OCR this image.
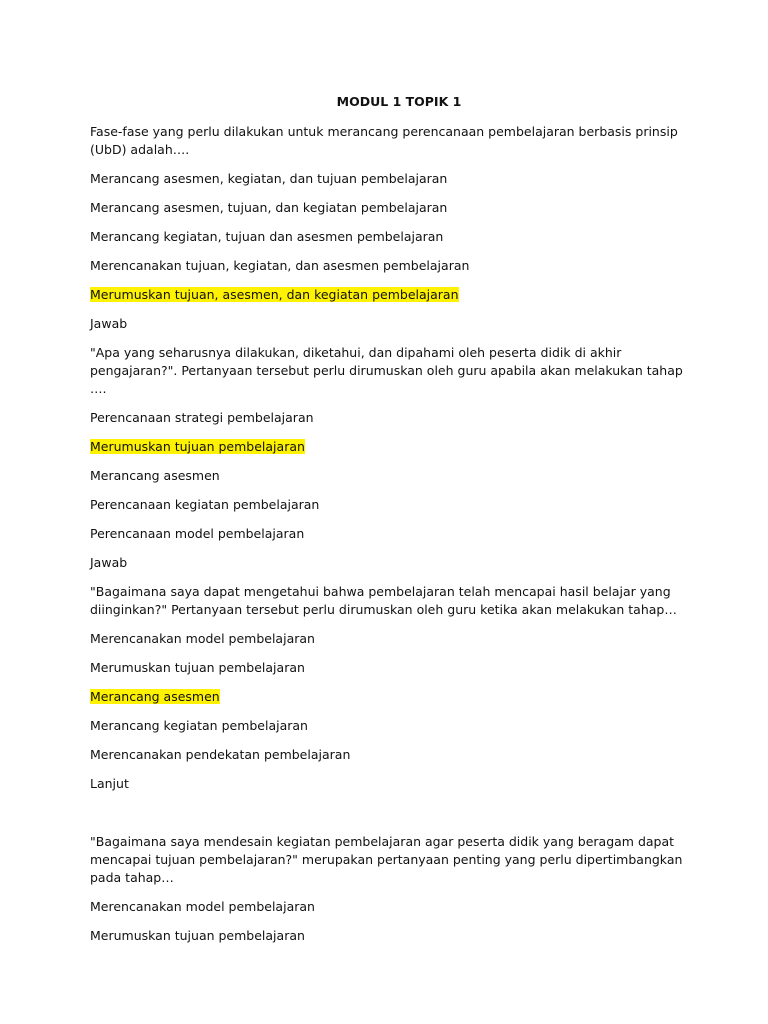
MODUL 1 TOPIK 1
Fase-fase yang perlu dilakukan untuk merancang perencanaan pembelajaran berbasis prinsip (UbD) adalah….
Merancang asesmen, kegiatan, dan tujuan pembelajaran
Merancang asesmen, tujuan, dan kegiatan pembelajaran
Merancang kegiatan, tujuan dan asesmen pembelajaran
Merencanakan tujuan, kegiatan, dan asesmen pembelajaran
Merumuskan tujuan, asesmen, dan kegiatan pembelajaran
Jawab
"Apa yang seharusnya dilakukan, diketahui, dan dipahami oleh peserta didik di akhir pengajaran?". Pertanyaan tersebut perlu dirumuskan oleh guru apabila akan melakukan tahap ….
Perencanaan strategi pembelajaran
Merumuskan tujuan pembelajaran
Merancang asesmen
Perencanaan kegiatan pembelajaran
Perencanaan model pembelajaran
Jawab
"Bagaimana saya dapat mengetahui bahwa pembelajaran telah mencapai hasil belajar yang diinginkan?" Pertanyaan tersebut perlu dirumuskan oleh guru ketika akan melakukan tahap…
Merencanakan model pembelajaran
Merumuskan tujuan pembelajaran
Merancang asesmen
Merancang kegiatan pembelajaran
Merencanakan pendekatan pembelajaran
Lanjut
"Bagaimana saya mendesain kegiatan pembelajaran agar peserta didik yang beragam dapat mencapai tujuan pembelajaran?" merupakan pertanyaan penting yang perlu dipertimbangkan pada tahap…
Merencanakan model pembelajaran
Merumuskan tujuan pembelajaran
